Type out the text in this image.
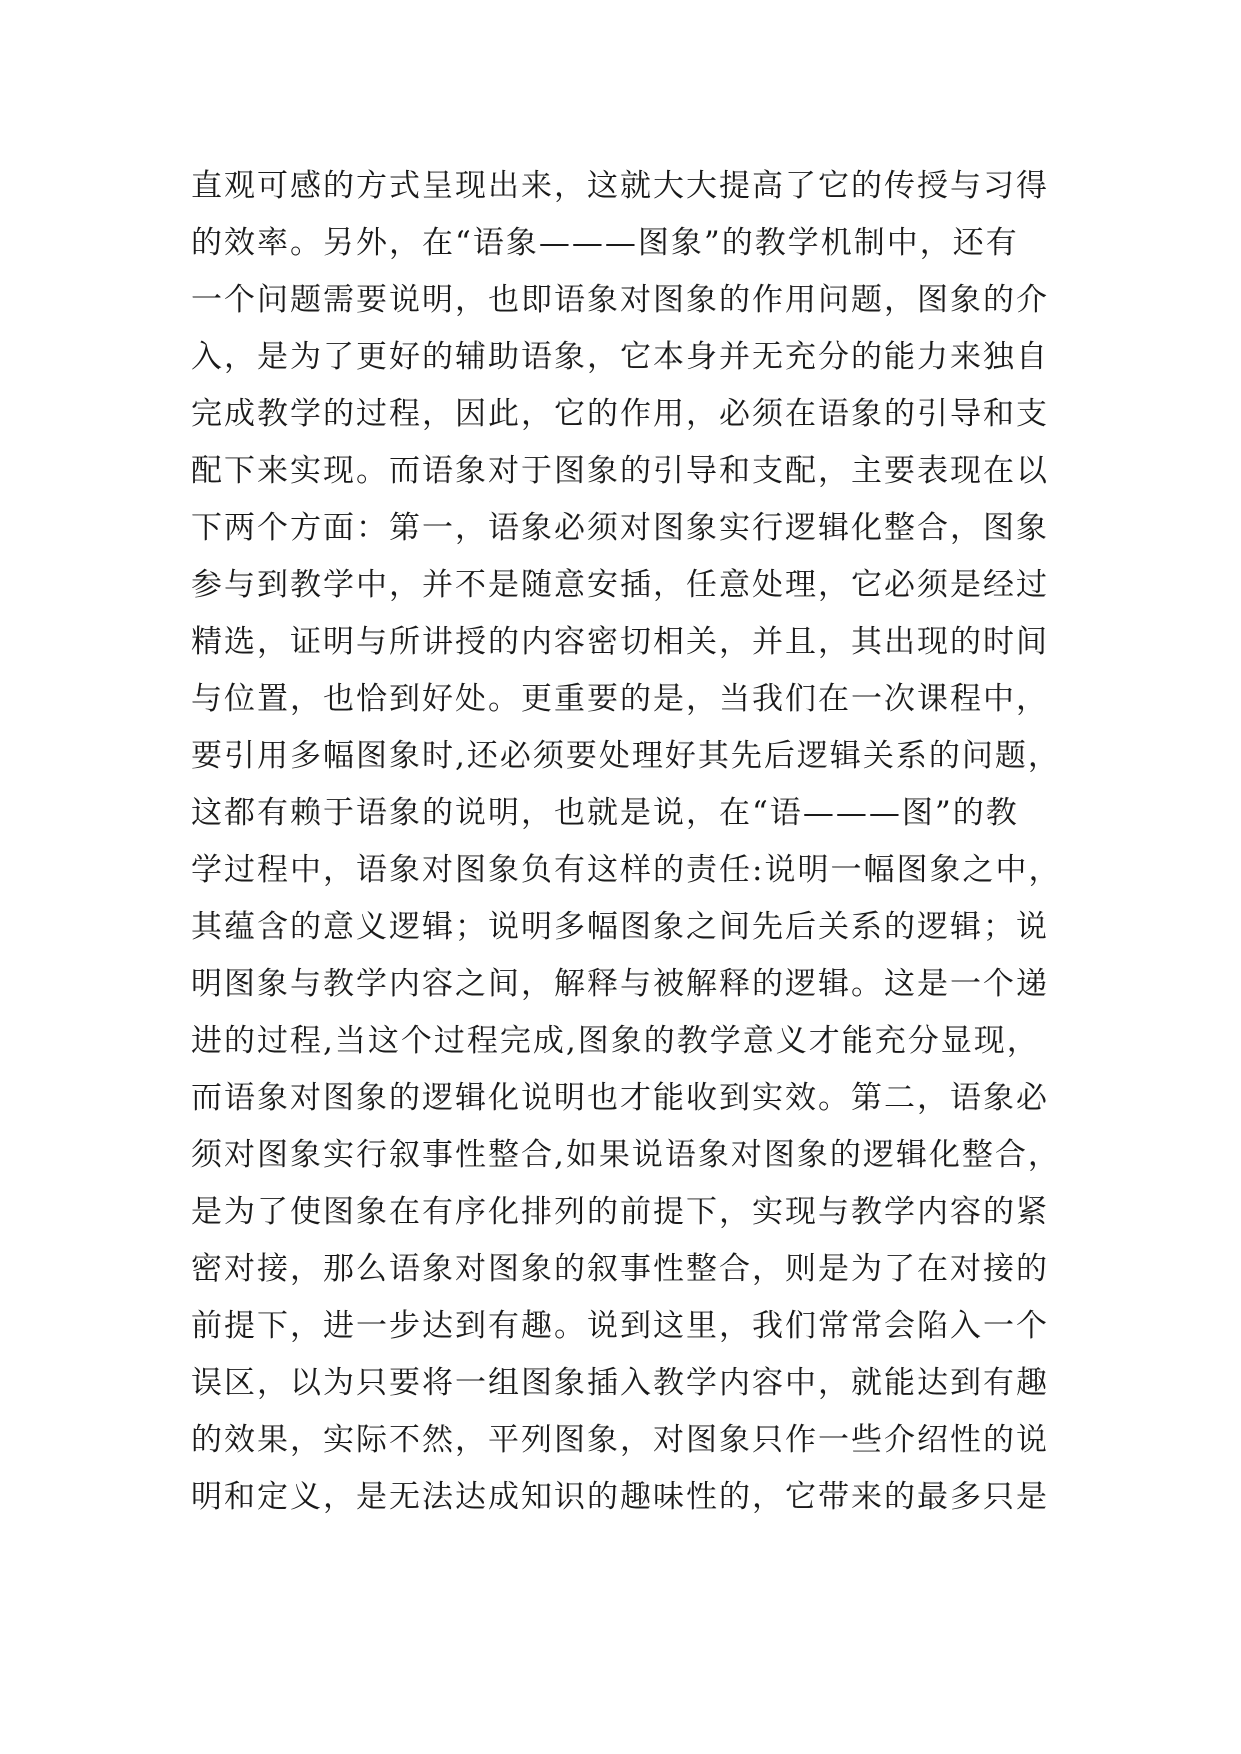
直观可感的方式呈现出来，这就大大提高了它的传授与习得
的效率。另外，在“语象———图象”的教学机制中，还有
一个问题需要说明，也即语象对图象的作用问题，图象的介
入，是为了更好的辅助语象，它本身并无充分的能力来独自
完成教学的过程，因此，它的作用，必须在语象的引导和支
配下来实现。而语象对于图象的引导和支配，主要表现在以
下两个方面：第一，语象必须对图象实行逻辑化整合，图象
参与到教学中，并不是随意安插，任意处理，它必须是经过
精选，证明与所讲授的内容密切相关，并且，其出现的时间
与位置，也恰到好处。更重要的是，当我们在一次课程中，
要引用多幅图象时,还必须要处理好其先后逻辑关系的问题，
这都有赖于语象的说明，也就是说，在“语———图”的教
学过程中，语象对图象负有这样的责任:说明一幅图象之中，
其蕴含的意义逻辑；说明多幅图象之间先后关系的逻辑；说
明图象与教学内容之间，解释与被解释的逻辑。这是一个递
进的过程,当这个过程完成,图象的教学意义才能充分显现，
而语象对图象的逻辑化说明也才能收到实效。第二，语象必
须对图象实行叙事性整合,如果说语象对图象的逻辑化整合，
是为了使图象在有序化排列的前提下，实现与教学内容的紧
密对接，那么语象对图象的叙事性整合，则是为了在对接的
前提下，进一步达到有趣。说到这里，我们常常会陷入一个
误区，以为只要将一组图象插入教学内容中，就能达到有趣
的效果，实际不然，平列图象，对图象只作一些介绍性的说
明和定义，是无法达成知识的趣味性的，它带来的最多只是
